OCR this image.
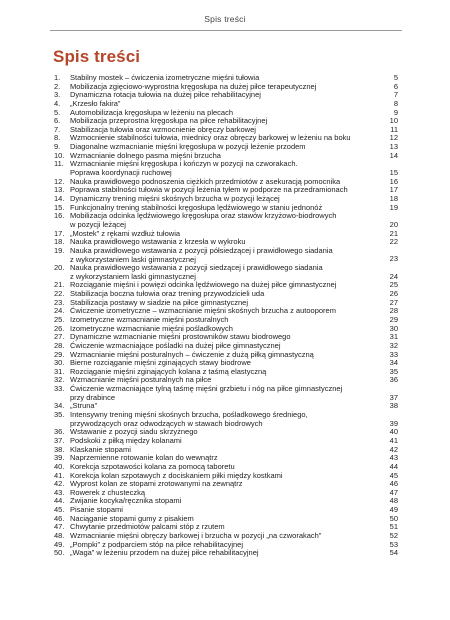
Spis treści
Spis treści
1. Stabilny mostek – ćwiczenia izometryczne mięśni tułowia	5
2. Mobilizacja zgięciowo-wyprostna kręgosłupa na dużej piłce terapeutycznej	6
3. Dynamiczna rotacja tułowia na dużej piłce rehabilitacyjnej	7
4. „Krzesło fakira”	8
5. Automobilizacja kręgosłupa w leżeniu na plecach	9
6. Mobilizacja przeprostna kręgosłupa na piłce rehabilitacyjnej	10
7. Stabilizacja tułowia oraz wzmocnienie obręczy barkowej	11
8. Wzmocnienie stabilności tułowia, miednicy oraz obręczy barkowej w leżeniu na boku	12
9. Diagonalne wzmacnianie mięśni kręgosłupa w pozycji leżenie przodem	13
10. Wzmacnianie dolnego pasma mięśni brzucha	14
11. Wzmacnianie mięśni kręgosłupa i kończyn w pozycji na czworakach.
Poprawa koordynacji ruchowej	15
12. Nauka prawidłowego podnoszenia ciężkich przedmiotów z asekuracją pomocnika	16
13. Poprawa stabilności tułowia w pozycji leżenia tyłem w podporze na przedramionach	17
14. Dynamiczny trening mięśni skośnych brzucha w pozycji leżącej	18
15. Funkcjonalny trening stabilności kręgosłupa lędźwiowego w staniu jednonóż	19
16. Mobilizacja odcinka lędźwiowego kręgosłupa oraz stawów krzyżowo-biodrowych
w pozycji leżącej	20
17. „Mostek” z rękami wzdłuż tułowia	21
18. Nauka prawidłowego wstawania z krzesła w wykroku	22
19. Nauka prawidłowego wstawania z pozycji półsiedzącej i prawidłowego siadania
z wykorzystaniem laski gimnastycznej	23
20. Nauka prawidłowego wstawania z pozycji siedzącej i prawidłowego siadania
z wykorzystaniem laski gimnastycznej	24
21. Rozciąganie mięśni i powięzi odcinka lędźwiowego na dużej piłce gimnastycznej	25
22. Stabilizacja boczna tułowia oraz trening przywodzicieli uda	26
23. Stabilizacja postawy w siadzie na piłce gimnastycznej	27
24. Ćwiczenie izometryczne – wzmacnianie mięśni skośnych brzucha z autooporem	28
25. Izometryczne wzmacnianie mięśni posturalnych	29
26. Izometryczne wzmacnianie mięśni pośladkowych	30
27. Dynamiczne wzmacnianie mięśni prostowników stawu biodrowego	31
28. Ćwiczenie wzmacniające pośladki na dużej piłce gimnastycznej	32
29. Wzmacnianie mięśni posturalnych – ćwiczenie z dużą piłką gimnastyczną	33
30. Bierne rozciąganie mięśni zginających stawy biodrowe	34
31. Rozciąganie mięśni zginających kolana z taśmą elastyczną	35
32. Wzmacnianie mięśni posturalnych na piłce	36
33. Ćwiczenie wzmacniające tylną taśmę mięśni grzbietu i nóg na piłce gimnastycznej
przy drabince	37
34. „Struna”	38
35. Intensywny trening mięśni skośnych brzucha, pośladkowego średniego,
przywodzących oraz odwodzących w stawach biodrowych	39
36. Wstawanie z pozycji siadu skrzyżnego	40
37. Podskoki z piłką między kolanami	41
38. Klaskanie stopami	42
39. Naprzemienne rotowanie kolan do wewnątrz	43
40. Korekcja szpotawości kolana za pomocą taboretu	44
41. Korekcja kolan szpotawych z dociskaniem piłki między kostkami	45
42. Wyprost kolan ze stopami zrotowanymi na zewnątrz	46
43. Rowerek z chusteczką	47
44. Zwijanie kocyka/ręcznika stopami	48
45. Pisanie stopami	49
46. Naciąganie stopami gumy z pisakiem	50
47. Chwytanie przedmiotów palcami stóp z rzutem	51
48. Wzmacnianie mięśni obręczy barkowej i brzucha w pozycji „na czworakach”	52
49. „Pompki” z podparciem stóp na piłce rehabilitacyjnej	53
50. „Waga” w leżeniu przodem na dużej piłce rehabilitacyjnej	54
